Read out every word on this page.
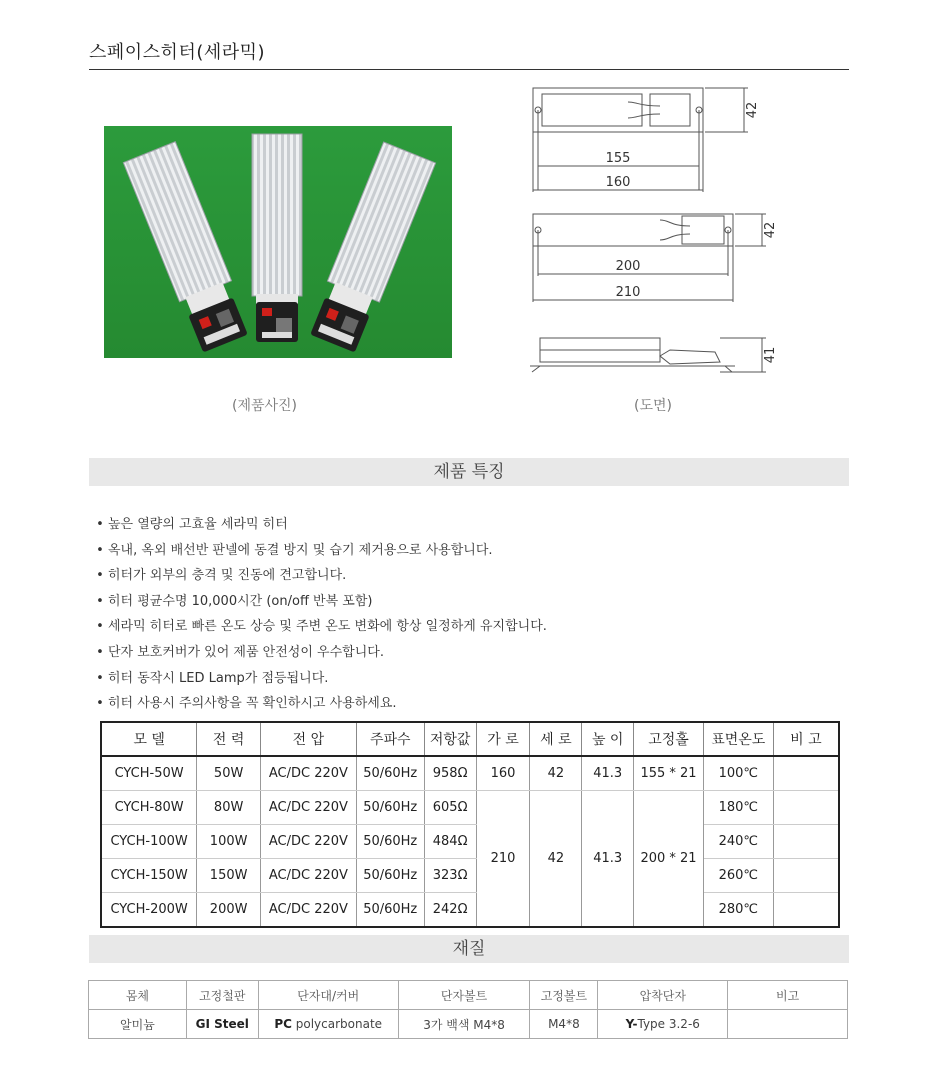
스페이스히터(세라믹)
155
160
42
200
210
42
41
(제품사진)	(도면)
제품 특징
• 높은 열량의 고효율 세라믹 히터
• 옥내, 옥외 배선반 판넬에 동결 방지 및 습기 제거용으로 사용합니다.
• 히터가 외부의 충격 및 진동에 견고합니다.
• 히터 평균수명 10,000시간 (on/off 반복 포함)
• 세라믹 히터로 빠른 온도 상승 및 주변 온도 변화에 항상 일정하게 유지합니다.
• 단자 보호커버가 있어 제품 안전성이 우수합니다.
• 히터 동작시 LED Lamp가 점등됩니다.
• 히터 사용시 주의사항을 꼭 확인하시고 사용하세요.
모 델	전 력	전 압	주파수	저항값	가 로	세 로	높 이	고정홀	표면온도	비 고
CYCH-50W	50W	AC/DC 220V	50/60Hz	958Ω	160	42	41.3	155 * 21	100℃	
CYCH-80W	80W	AC/DC 220V	50/60Hz	605Ω	210	42	41.3	200 * 21	180℃	
CYCH-100W	100W	AC/DC 220V	50/60Hz	484Ω					240℃	
CYCH-150W	150W	AC/DC 220V	50/60Hz	323Ω					260℃	
CYCH-200W	200W	AC/DC 220V	50/60Hz	242Ω					280℃	
재질
몸체	고정철판	단자대/커버	단자볼트	고정볼트	압착단자	비고
알미늄	GI Steel	PC polycarbonate	3가 백색 M4*8	M4*8	Y-Type 3.2-6	
